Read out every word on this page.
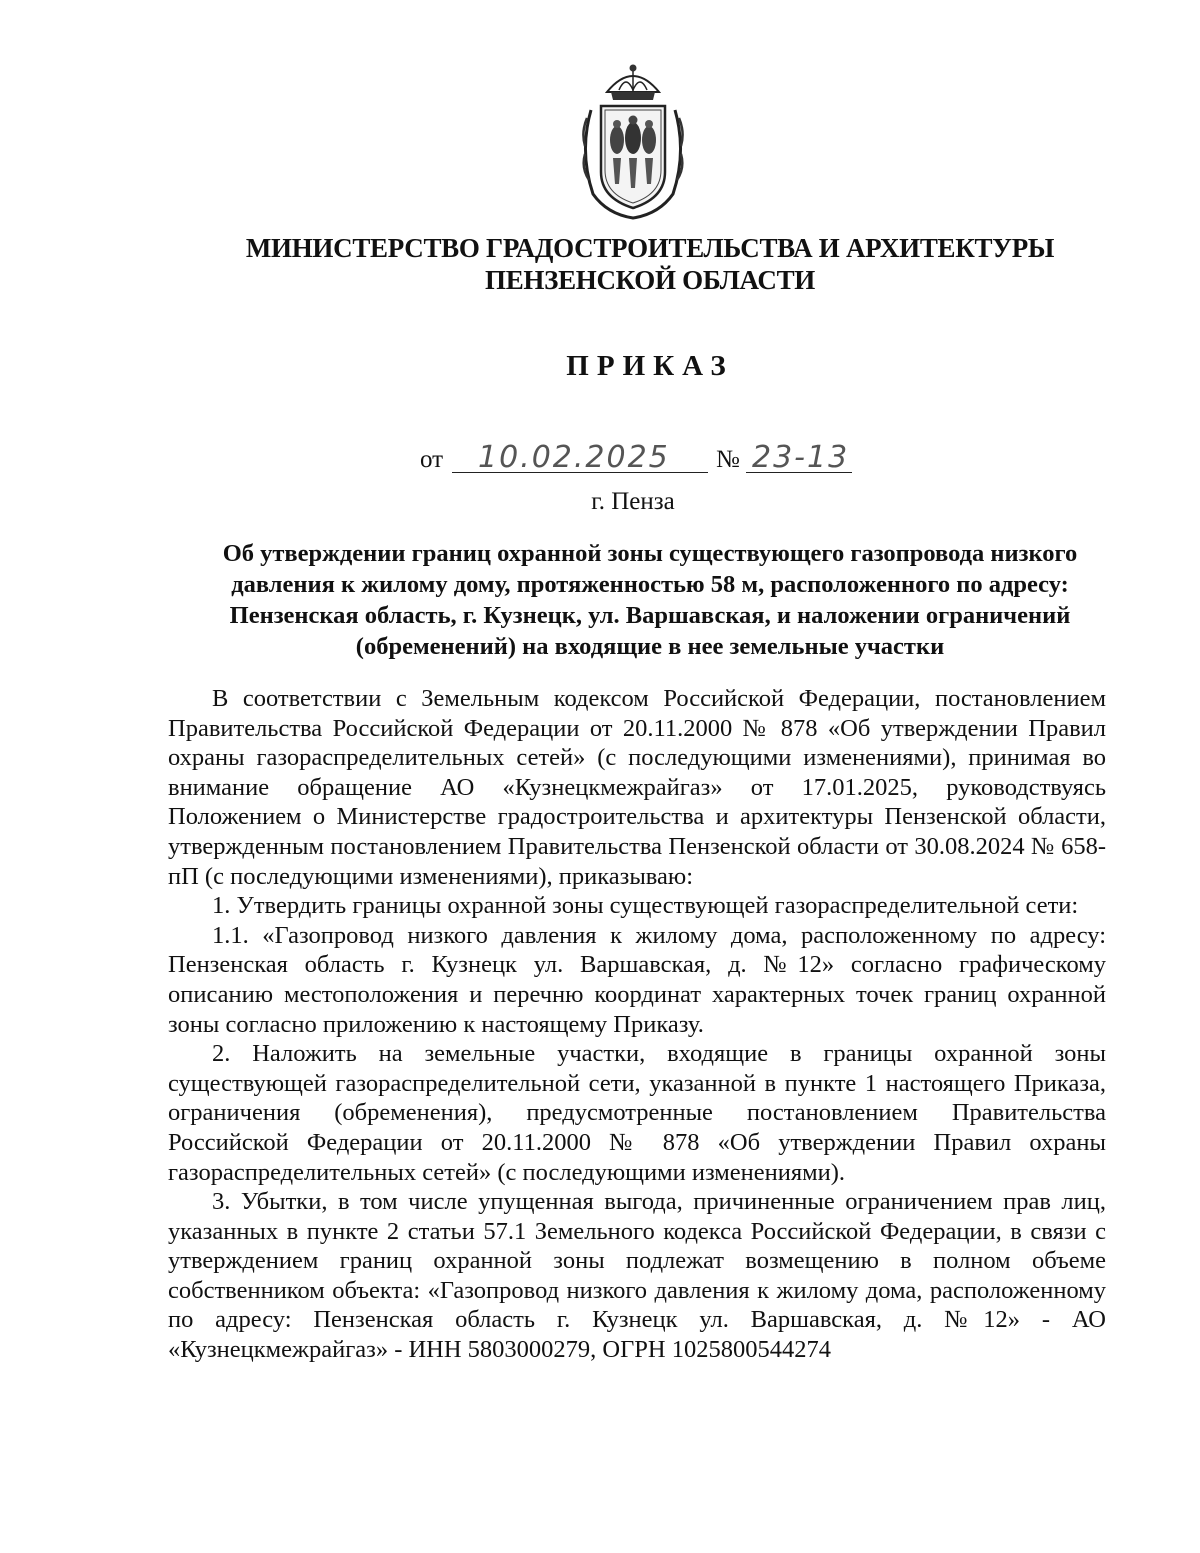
МИНИСТЕРСТВО ГРАДОСТРОИТЕЛЬСТВА И АРХИТЕКТУРЫ
ПЕНЗЕНСКОЙ ОБЛАСТИ
ПРИКАЗ
от 10.02.2025 № 23-13
г. Пенза
Об утверждении границ охранной зоны существующего газопровода низкого
давления к жилому дому, протяженностью 58 м, расположенного по адресу:
Пензенская область, г. Кузнецк, ул. Варшавская, и наложении ограничений
(обременений) на входящие в нее земельные участки

В соответствии с Земельным кодексом Российской Федерации, постановлением Правительства Российской Федерации от 20.11.2000 № 878 «Об утверждении Правил охраны газораспределительных сетей» (с последующими изменениями), принимая во внимание обращение АО «Кузнецкмежрайгаз» от 17.01.2025, руководствуясь Положением о Министерстве градостроительства и архитектуры Пензенской области, утвержденным постановлением Правительства Пензенской области от 30.08.2024 № 658-пП (с последующими изменениями), приказываю:

1. Утвердить границы охранной зоны существующей газораспределительной сети:

1.1. «Газопровод низкого давления к жилому дома, расположенному по адресу: Пензенская область г. Кузнецк ул. Варшавская, д. №12» согласно графическому описанию местоположения и перечню координат характерных точек границ охранной зоны согласно приложению к настоящему Приказу.

2. Наложить на земельные участки, входящие в границы охранной зоны существующей газораспределительной сети, указанной в пункте 1 настоящего Приказа, ограничения (обременения), предусмотренные постановлением Правительства Российской Федерации от 20.11.2000 № 878 «Об утверждении Правил охраны газораспределительных сетей» (с последующими изменениями).

3. Убытки, в том числе упущенная выгода, причиненные ограничением прав лиц, указанных в пункте 2 статьи 57.1 Земельного кодекса Российской Федерации, в связи с утверждением границ охранной зоны подлежат возмещению в полном объеме собственником объекта: «Газопровод низкого давления к жилому дома, расположенному по адресу: Пензенская область г. Кузнецк ул. Варшавская, д. №12» - АО «Кузнецкмежрайгаз» - ИНН 5803000279, ОГРН 1025800544274
